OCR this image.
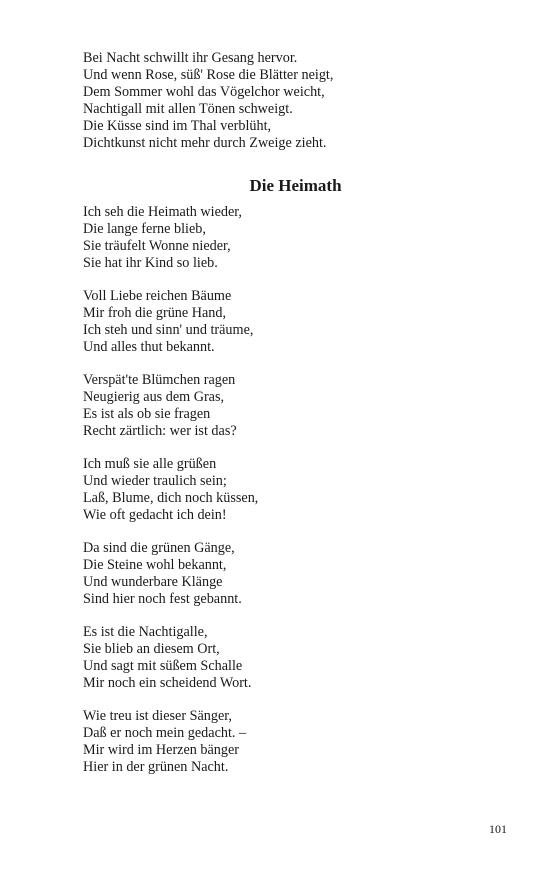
Bei Nacht schwillt ihr Gesang hervor.
Und wenn Rose, süß' Rose die Blätter neigt,
Dem Sommer wohl das Vögelchor weicht,
Nachtigall mit allen Tönen schweigt.
Die Küsse sind im Thal verblüht,
Dichtkunst nicht mehr durch Zweige zieht.
Die Heimath
Ich seh die Heimath wieder,
Die lange ferne blieb,
Sie träufelt Wonne nieder,
Sie hat ihr Kind so lieb.
Voll Liebe reichen Bäume
Mir froh die grüne Hand,
Ich steh und sinn' und träume,
Und alles thut bekannt.
Verspät'te Blümchen ragen
Neugierig aus dem Gras,
Es ist als ob sie fragen
Recht zärtlich: wer ist das?
Ich muß sie alle grüßen
Und wieder traulich sein;
Laß, Blume, dich noch küssen,
Wie oft gedacht ich dein!
Da sind die grünen Gänge,
Die Steine wohl bekannt,
Und wunderbare Klänge
Sind hier noch fest gebannt.
Es ist die Nachtigalle,
Sie blieb an diesem Ort,
Und sagt mit süßem Schalle
Mir noch ein scheidend Wort.
Wie treu ist dieser Sänger,
Daß er noch mein gedacht. –
Mir wird im Herzen bänger
Hier in der grünen Nacht.
101
